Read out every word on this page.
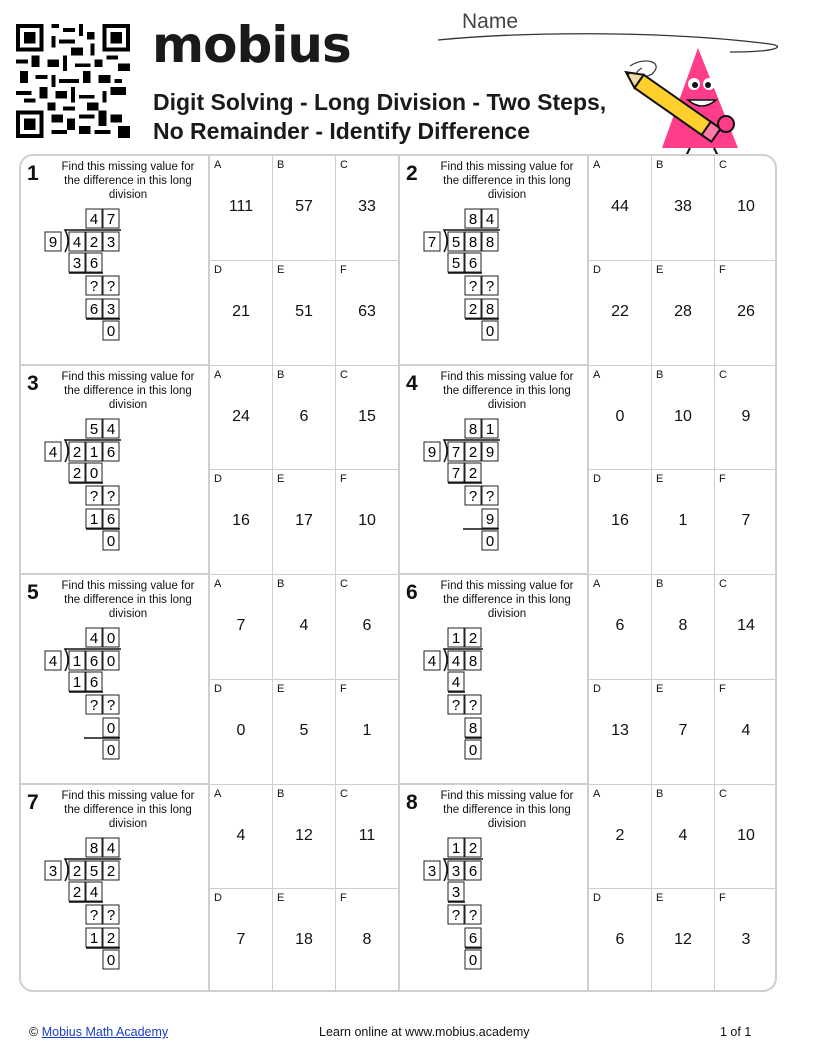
mobius
Digit Solving - Long Division - Two Steps,
No Remainder - Identify Difference
Name
1 Find this missing value for the difference in this long division
4 7
9 4 2 3
3 6
? ?
6 3
0
A
111
B
57
C
33
D
21
E
51
F
63
2 Find this missing value for the difference in this long division
8 4
7 5 8 8
5 6
? ?
2 8
0
A
44
B
38
C
10
D
22
E
28
F
26
3 Find this missing value for the difference in this long division
5 4
4 2 1 6
2 0
? ?
1 6
0
A
24
B
6
C
15
D
16
E
17
F
10
4 Find this missing value for the difference in this long division
8 1
9 7 2 9
7 2
? ?
9
0
A
0
B
10
C
9
D
16
E
1
F
7
5 Find this missing value for the difference in this long division
4 0
4 1 6 0
1 6
? ?
0
0
A
7
B
4
C
6
D
0
E
5
F
1
6 Find this missing value for the difference in this long division
1 2
4 4 8
4
? ?
8
0
A
6
B
8
C
14
D
13
E
7
F
4
7 Find this missing value for the difference in this long division
8 4
3 2 5 2
2 4
? ?
1 2
0
A
4
B
12
C
11
D
7
E
18
F
8
8 Find this missing value for the difference in this long division
1 2
3 3 6
3
? ?
6
0
A
2
B
4
C
10
D
6
E
12
F
3
© Mobius Math Academy	Learn online at www.mobius.academy	1 of 1
